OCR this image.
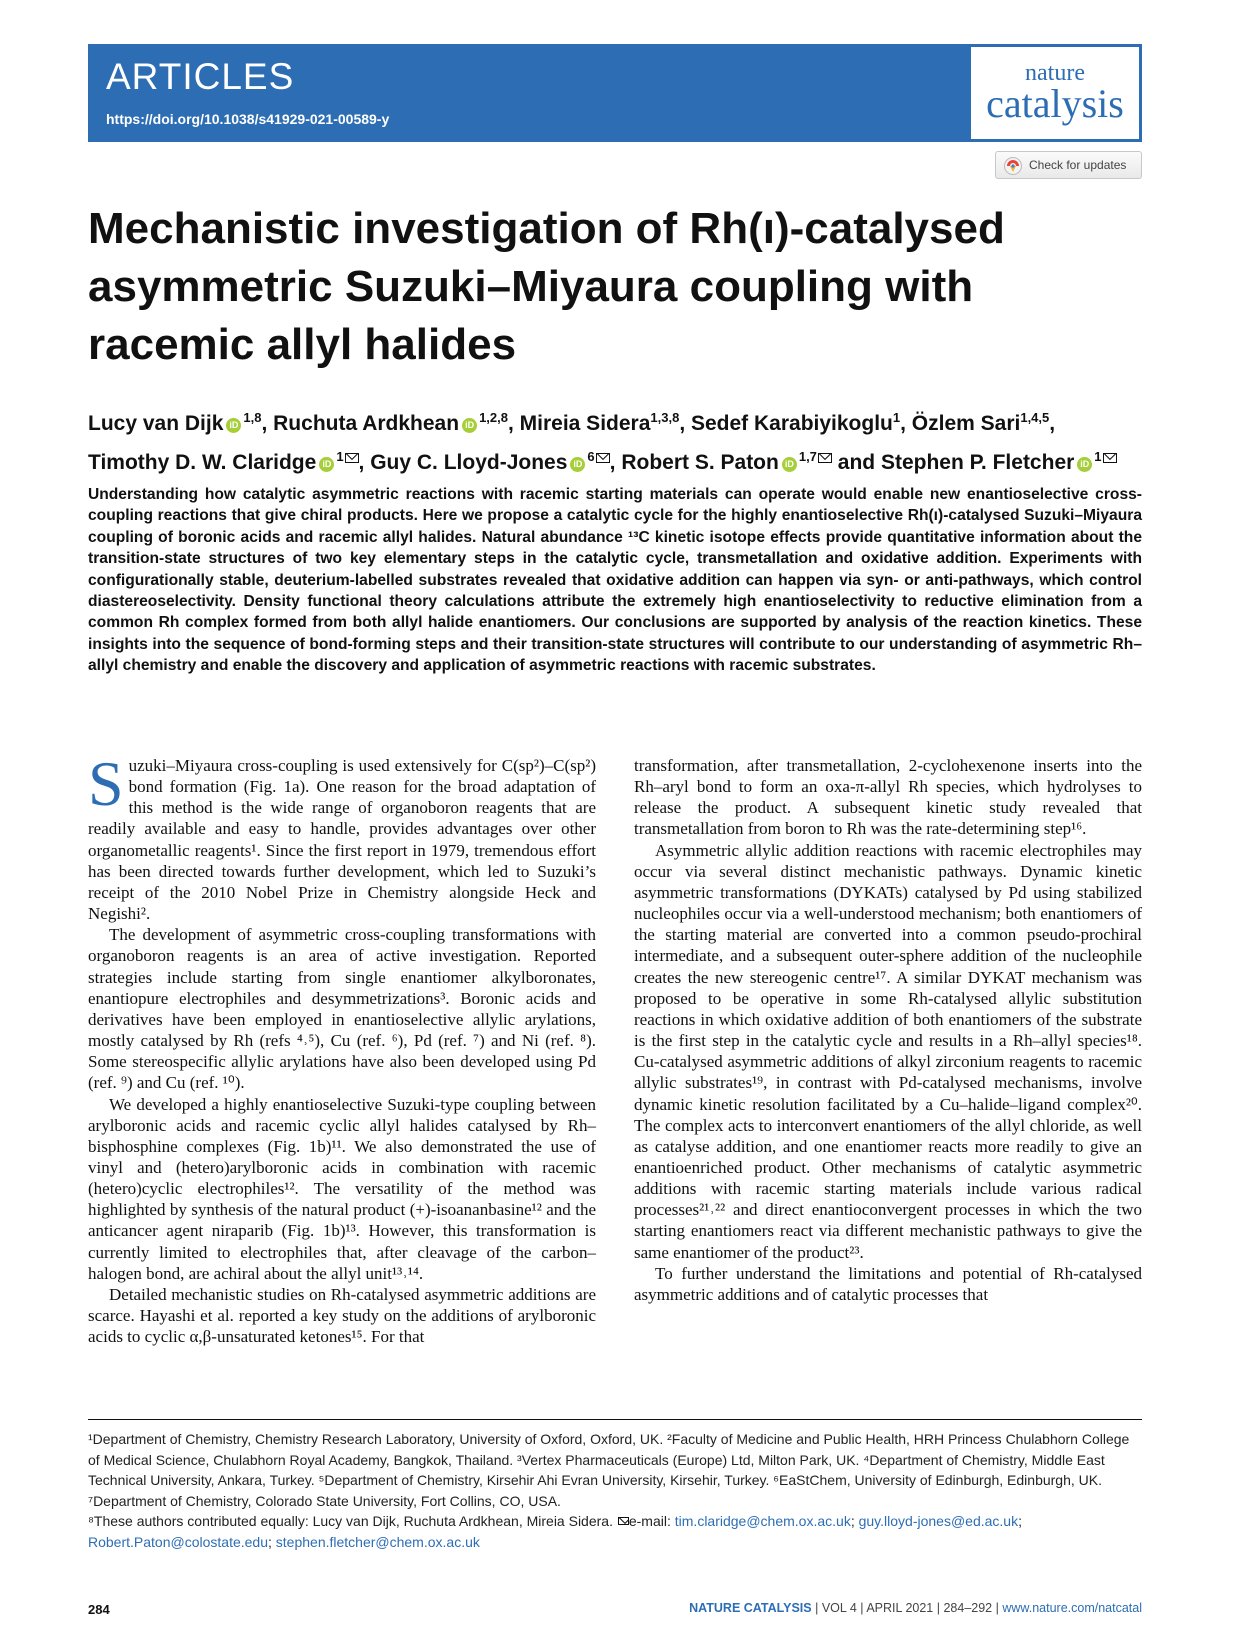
ARTICLES
https://doi.org/10.1038/s41929-021-00589-y
nature
catalysis
Check for updates
Mechanistic investigation of Rh(ı)-catalysed asymmetric Suzuki–Miyaura coupling with racemic allyl halides
Lucy van Dijk iD $^{1,8}$, Ruchuta Ardkhean iD $^{1,2,8}$, Mireia Sidera$^{1,3,8}$, Sedef Karabiyikoglu$^1$, Özlem Sari$^{1,4,5}$,
Timothy D. W. Claridge iD $^1$ , Guy C. Lloyd-Jones iD $^6$ , Robert S. Paton iD $^{1,7}$ and Stephen P. Fletcher iD $^1$

Understanding how catalytic asymmetric reactions with racemic starting materials can operate would enable new enantioselective cross-coupling reactions that give chiral products. Here we propose a catalytic cycle for the highly enantioselective Rh(ı)-catalysed Suzuki–Miyaura coupling of boronic acids and racemic allyl halides. Natural abundance ¹³C kinetic isotope effects provide quantitative information about the transition-state structures of two key elementary steps in the catalytic cycle, transmetallation and oxidative addition. Experiments with configurationally stable, deuterium-labelled substrates revealed that oxidative addition can happen via syn- or anti-pathways, which control diastereoselectivity. Density functional theory calculations attribute the extremely high enantioselectivity to reductive elimination from a common Rh complex formed from both allyl halide enantiomers. Our conclusions are supported by analysis of the reaction kinetics. These insights into the sequence of bond-forming steps and their transition-state structures will contribute to our understanding of asymmetric Rh–allyl chemistry and enable the discovery and application of asymmetric reactions with racemic substrates.

Suzuki–Miyaura cross-coupling is used extensively for C(sp²)–C(sp²) bond formation (Fig. 1a). One reason for the broad adaptation of this method is the wide range of organoboron reagents that are readily available and easy to handle, provides advantages over other organometallic reagents¹. Since the first report in 1979, tremendous effort has been directed towards further development, which led to Suzuki’s receipt of the 2010 Nobel Prize in Chemistry alongside Heck and Negishi².

The development of asymmetric cross-coupling transformations with organoboron reagents is an area of active investigation. Reported strategies include starting from single enantiomer alkylboronates, enantiopure electrophiles and desymmetrizations³. Boronic acids and derivatives have been employed in enantioselective allylic arylations, mostly catalysed by Rh (refs ⁴˒⁵), Cu (ref. ⁶), Pd (ref. ⁷) and Ni (ref. ⁸). Some stereospecific allylic arylations have also been developed using Pd (ref. ⁹) and Cu (ref. ¹⁰).

We developed a highly enantioselective Suzuki-type coupling between arylboronic acids and racemic cyclic allyl halides catalysed by Rh–bisphosphine complexes (Fig. 1b)¹¹. We also demonstrated the use of vinyl and (hetero)arylboronic acids in combination with racemic (hetero)cyclic electrophiles¹². The versatility of the method was highlighted by synthesis of the natural product (+)-isoananbasine¹² and the anticancer agent niraparib (Fig. 1b)¹³. However, this transformation is currently limited to electrophiles that, after cleavage of the carbon–halogen bond, are achiral about the allyl unit¹³˒¹⁴.

Detailed mechanistic studies on Rh-catalysed asymmetric additions are scarce. Hayashi et al. reported a key study on the additions of arylboronic acids to cyclic α,β-unsaturated ketones¹⁵. For that

transformation, after transmetallation, 2-cyclohexenone inserts into the Rh–aryl bond to form an oxa-π-allyl Rh species, which hydrolyses to release the product. A subsequent kinetic study revealed that transmetallation from boron to Rh was the rate-determining step¹⁶.

Asymmetric allylic addition reactions with racemic electrophiles may occur via several distinct mechanistic pathways. Dynamic kinetic asymmetric transformations (DYKATs) catalysed by Pd using stabilized nucleophiles occur via a well-understood mechanism; both enantiomers of the starting material are converted into a common pseudo-prochiral intermediate, and a subsequent outer-sphere addition of the nucleophile creates the new stereogenic centre¹⁷. A similar DYKAT mechanism was proposed to be operative in some Rh-catalysed allylic substitution reactions in which oxidative addition of both enantiomers of the substrate is the first step in the catalytic cycle and results in a Rh–allyl species¹⁸. Cu-catalysed asymmetric additions of alkyl zirconium reagents to racemic allylic substrates¹⁹, in contrast with Pd-catalysed mechanisms, involve dynamic kinetic resolution facilitated by a Cu–halide–ligand complex²⁰. The complex acts to interconvert enantiomers of the allyl chloride, as well as catalyse addition, and one enantiomer reacts more readily to give an enantioenriched product. Other mechanisms of catalytic asymmetric additions with racemic starting materials include various radical processes²¹˒²² and direct enantioconvergent processes in which the two starting enantiomers react via different mechanistic pathways to give the same enantiomer of the product²³.

To further understand the limitations and potential of Rh-catalysed asymmetric additions and of catalytic processes that

¹Department of Chemistry, Chemistry Research Laboratory, University of Oxford, Oxford, UK. ²Faculty of Medicine and Public Health, HRH Princess Chulabhorn College of Medical Science, Chulabhorn Royal Academy, Bangkok, Thailand. ³Vertex Pharmaceuticals (Europe) Ltd, Milton Park, UK. ⁴Department of Chemistry, Middle East Technical University, Ankara, Turkey. ⁵Department of Chemistry, Kirsehir Ahi Evran University, Kirsehir, Turkey. ⁶EaStChem, University of Edinburgh, Edinburgh, UK. ⁷Department of Chemistry, Colorado State University, Fort Collins, CO, USA.
⁸These authors contributed equally: Lucy van Dijk, Ruchuta Ardkhean, Mireia Sidera. e-mail: tim.claridge@chem.ox.ac.uk; guy.lloyd-jones@ed.ac.uk; Robert.Paton@colostate.edu; stephen.fletcher@chem.ox.ac.uk
284	NATURE CATALYSIS | VOL 4 | APRIL 2021 | 284–292 | www.nature.com/natcatal
